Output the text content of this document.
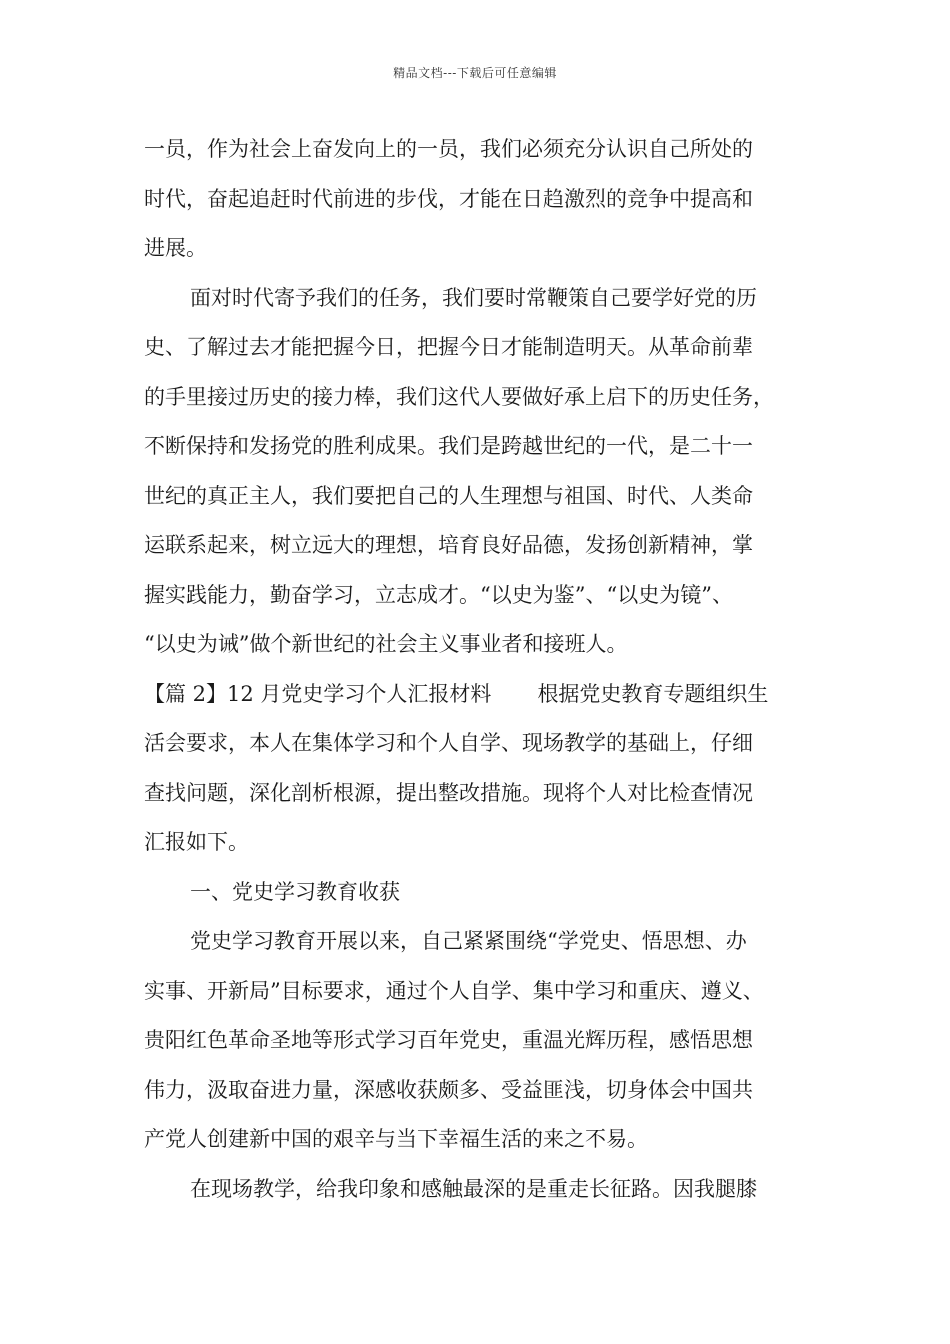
精品文档---下载后可任意编辑
一员，作为社会上奋发向上的一员，我们必须充分认识自己所处的
时代，奋起追赶时代前进的步伐，才能在日趋激烈的竞争中提高和
进展。
面对时代寄予我们的任务，我们要时常鞭策自己要学好党的历
史、了解过去才能把握今日，把握今日才能制造明天。从革命前辈
的手里接过历史的接力棒，我们这代人要做好承上启下的历史任务，
不断保持和发扬党的胜利成果。我们是跨越世纪的一代，是二十一
世纪的真正主人，我们要把自己的人生理想与祖国、时代、人类命
运联系起来，树立远大的理想，培育良好品德，发扬创新精神，掌
握实践能力，勤奋学习，立志成才。“以史为鉴”、“以史为镜”、
“以史为诫”做个新世纪的社会主义事业者和接班人。
【篇 2】12 月党史学习个人汇报材料 根据党史教育专题组织生
活会要求，本人在集体学习和个人自学、现场教学的基础上，仔细
查找问题，深化剖析根源，提出整改措施。现将个人对比检查情况
汇报如下。
一、党史学习教育收获
党史学习教育开展以来，自己紧紧围绕“学党史、悟思想、办
实事、开新局”目标要求，通过个人自学、集中学习和重庆、遵义、
贵阳红色革命圣地等形式学习百年党史，重温光辉历程，感悟思想
伟力，汲取奋进力量，深感收获颇多、受益匪浅，切身体会中国共
产党人创建新中国的艰辛与当下幸福生活的来之不易。
在现场教学，给我印象和感触最深的是重走长征路。因我腿膝
